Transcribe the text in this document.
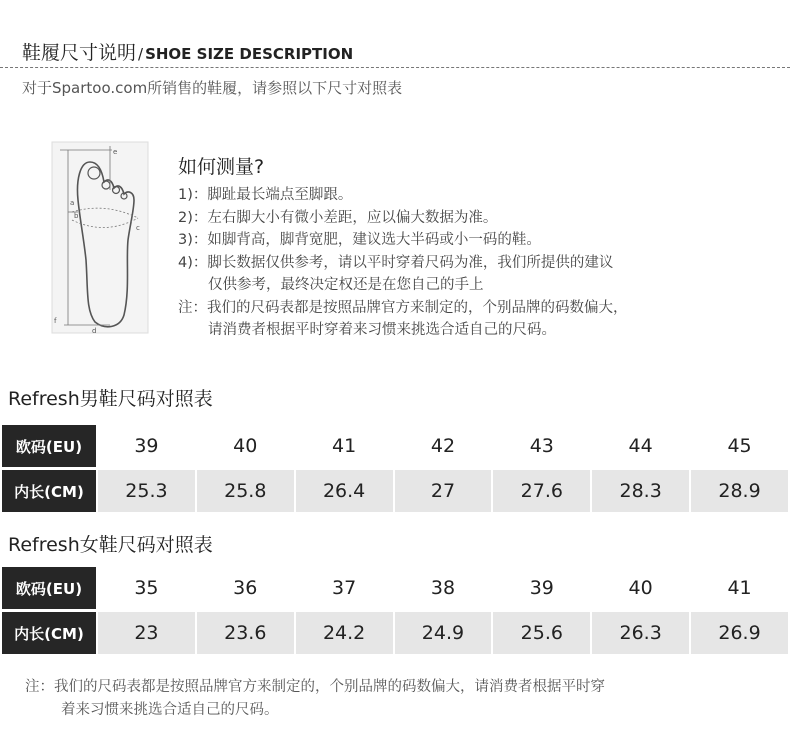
鞋履尺寸说明 / SHOE SIZE DESCRIPTION
对于Spartoo.com所销售的鞋履，请参照以下尺寸对照表
a
b
c
d
e
f
如何测量?
1)：脚趾最长端点至脚跟。
2)：左右脚大小有微小差距，应以偏大数据为准。
3)：如脚背高，脚背宽肥，建议选大半码或小一码的鞋。
4)：脚长数据仅供参考，请以平时穿着尺码为准，我们所提供的建议
仅供参考，最终决定权还是在您自己的手上
注：我们的尺码表都是按照品牌官方来制定的，个别品牌的码数偏大，
请消费者根据平时穿着来习惯来挑选合适自己的尺码。
Refresh男鞋尺码对照表
欧码(EU)	39	40	41	42	43	44	45
内长(CM)	25.3	25.8	26.4	27	27.6	28.3	28.9
Refresh女鞋尺码对照表
欧码(EU)	35	36	37	38	39	40	41
内长(CM)	23	23.6	24.2	24.9	25.6	26.3	26.9
注：我们的尺码表都是按照品牌官方来制定的，个别品牌的码数偏大，请消费者根据平时穿
着来习惯来挑选合适自己的尺码。
